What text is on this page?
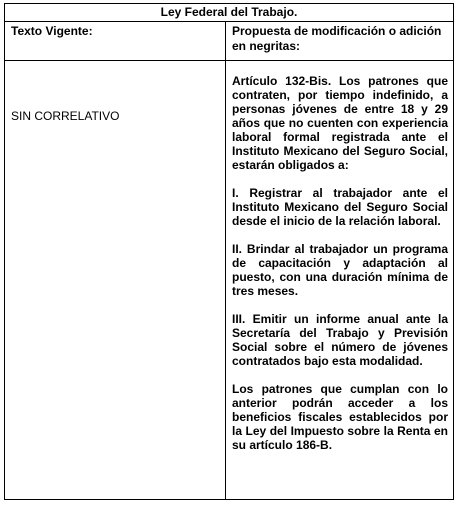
Ley Federal del Trabajo.
Texto Vigente:	Propuesta de modificación o adición en negritas:
SIN CORRELATIVO

Artículo 132-Bis. Los patrones que contraten, por tiempo indefinido, a personas jóvenes de entre 18 y 29 años que no cuenten con experiencia laboral formal registrada ante el Instituto Mexicano del Seguro Social, estarán obligados a:

I. Registrar al trabajador ante el Instituto Mexicano del Seguro Social desde el inicio de la relación laboral.

II. Brindar al trabajador un programa de capacitación y adaptación al puesto, con una duración mínima de tres meses.

III. Emitir un informe anual ante la Secretaría del Trabajo y Previsión Social sobre el número de jóvenes contratados bajo esta modalidad.

Los patrones que cumplan con lo anterior podrán acceder a los beneficios fiscales establecidos por la Ley del Impuesto sobre la Renta en su artículo 186-B.
